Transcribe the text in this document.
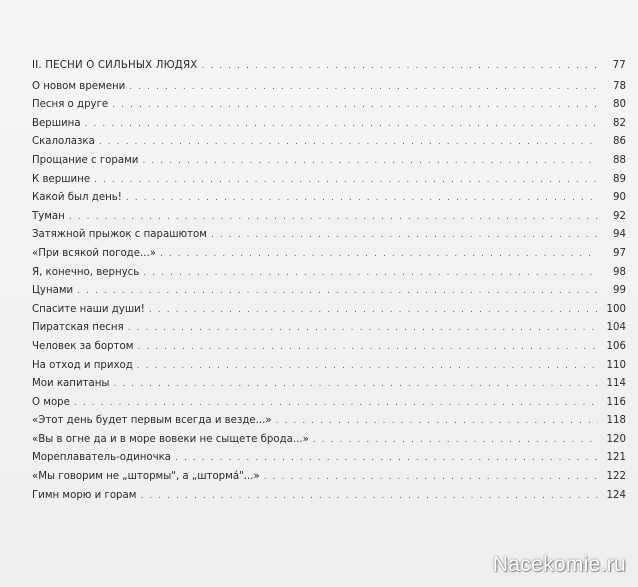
II. ПЕСНИ О СИЛЬНЫХ ЛЮДЯХ . . .	77
О новом времени . . .	78
Песня о друге . . .	80
Вершина . . .	82
Скалолазка . . .	86
Прощание с горами . . .	88
К вершине . . .	89
Какой был день! . . .	90
Туман . . .	92
Затяжной прыжок с парашютом . . .	94
«При всякой погоде...» . . .	97
Я, конечно, вернусь . . .	98
Цунами . . .	99
Спасите наши души! . . .	100
Пиратская песня . . .	104
Человек за бортом . . .	106
На отход и приход . . .	110
Мои капитаны . . .	114
О море . . .	116
«Этот день будет первым всегда и везде...» . . .	118
«Вы в огне да и в море вовеки не сыщете брода...» . . .	120
Мореплаватель-одиночка . . .	121
«Мы говорим не „штормы", а „шторма́"...» . . .	122
Гимн морю и горам . . .	124
Nacekomie.ru
